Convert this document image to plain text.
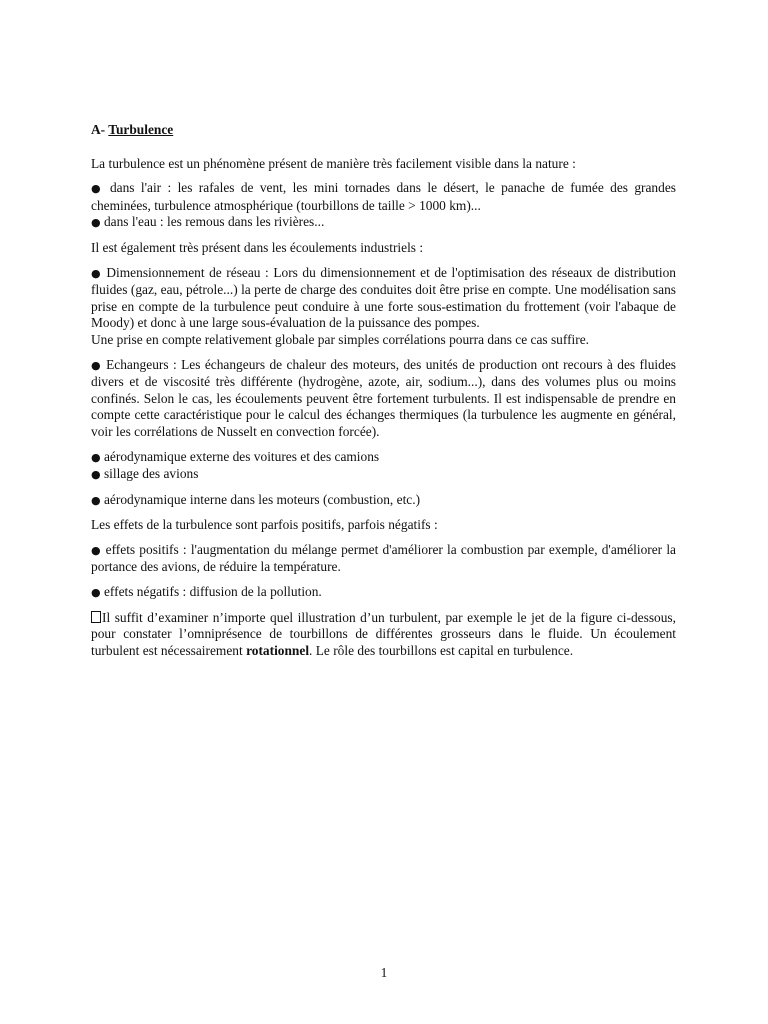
A- Turbulence

La turbulence est un phénomène présent de manière très facilement visible dans la nature :

● dans l'air : les rafales de vent, les mini tornades dans le désert, le panache de fumée des grandes cheminées, turbulence atmosphérique (tourbillons de taille > 1000 km)...

● dans l'eau : les remous dans les rivières...

Il est également très présent dans les écoulements industriels :

● Dimensionnement de réseau : Lors du dimensionnement et de l'optimisation des réseaux de distribution fluides (gaz, eau, pétrole...) la perte de charge des conduites doit être prise en compte. Une modélisation sans prise en compte de la turbulence peut conduire à une forte sous-estimation du frottement (voir l'abaque de Moody) et donc à une large sous-évaluation de la puissance des pompes.

Une prise en compte relativement globale par simples corrélations pourra dans ce cas suffire.

● Echangeurs : Les échangeurs de chaleur des moteurs, des unités de production ont recours à des fluides divers et de viscosité très différente (hydrogène, azote, air, sodium...), dans des volumes plus ou moins confinés. Selon le cas, les écoulements peuvent être fortement turbulents. Il est indispensable de prendre en compte cette caractéristique pour le calcul des échanges thermiques (la turbulence les augmente en général, voir les corrélations de Nusselt en convection forcée).

● aérodynamique externe des voitures et des camions

● sillage des avions

● aérodynamique interne dans les moteurs (combustion, etc.)

Les effets de la turbulence sont parfois positifs, parfois négatifs :

● effets positifs : l'augmentation du mélange permet d'améliorer la combustion par exemple, d'améliorer la portance des avions, de réduire la température.

● effets négatifs : diffusion de la pollution.

Il suffit d’examiner n’importe quel illustration d’un turbulent, par exemple le jet de la figure ci-dessous, pour constater l’omniprésence de tourbillons de différentes grosseurs dans le fluide. Un écoulement turbulent est nécessairement rotationnel. Le rôle des tourbillons est capital en turbulence.

1
